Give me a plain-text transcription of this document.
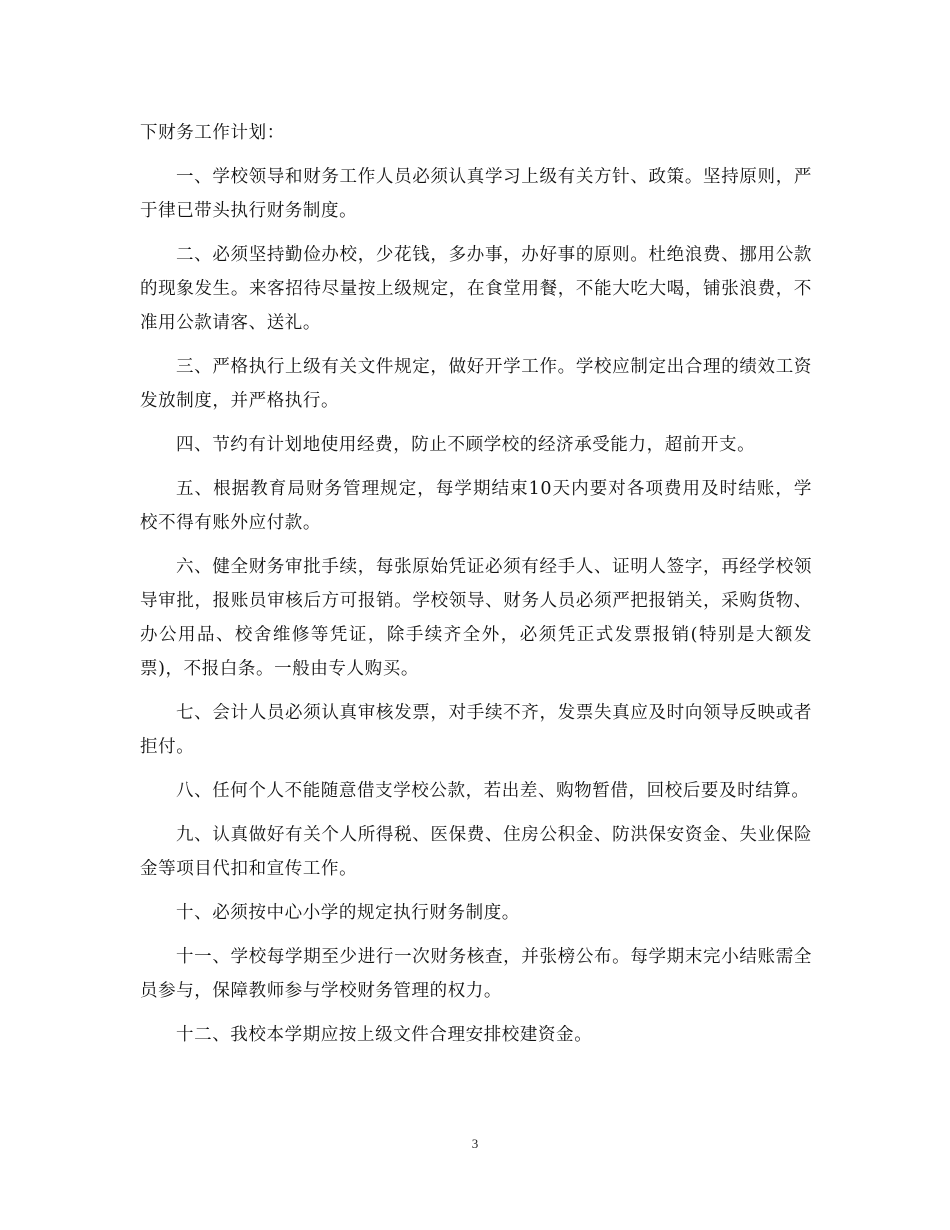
下财务工作计划：

一、学校领导和财务工作人员必须认真学习上级有关方针、政策。坚持原则，严于律已带头执行财务制度。

二、必须坚持勤俭办校，少花钱，多办事，办好事的原则。杜绝浪费、挪用公款的现象发生。来客招待尽量按上级规定，在食堂用餐，不能大吃大喝，铺张浪费，不准用公款请客、送礼。

三、严格执行上级有关文件规定，做好开学工作。学校应制定出合理的绩效工资发放制度，并严格执行。

四、节约有计划地使用经费，防止不顾学校的经济承受能力，超前开支。

五、根据教育局财务管理规定，每学期结束10天内要对各项费用及时结账，学校不得有账外应付款。

六、健全财务审批手续，每张原始凭证必须有经手人、证明人签字，再经学校领导审批，报账员审核后方可报销。学校领导、财务人员必须严把报销关，采购货物、办公用品、校舍维修等凭证，除手续齐全外，必须凭正式发票报销(特别是大额发票)，不报白条。一般由专人购买。

七、会计人员必须认真审核发票，对手续不齐，发票失真应及时向领导反映或者拒付。

八、任何个人不能随意借支学校公款，若出差、购物暂借，回校后要及时结算。

九、认真做好有关个人所得税、医保费、住房公积金、防洪保安资金、失业保险金等项目代扣和宣传工作。

十、必须按中心小学的规定执行财务制度。

十一、学校每学期至少进行一次财务核查，并张榜公布。每学期末完小结账需全员参与，保障教师参与学校财务管理的权力。

十二、我校本学期应按上级文件合理安排校建资金。

3
